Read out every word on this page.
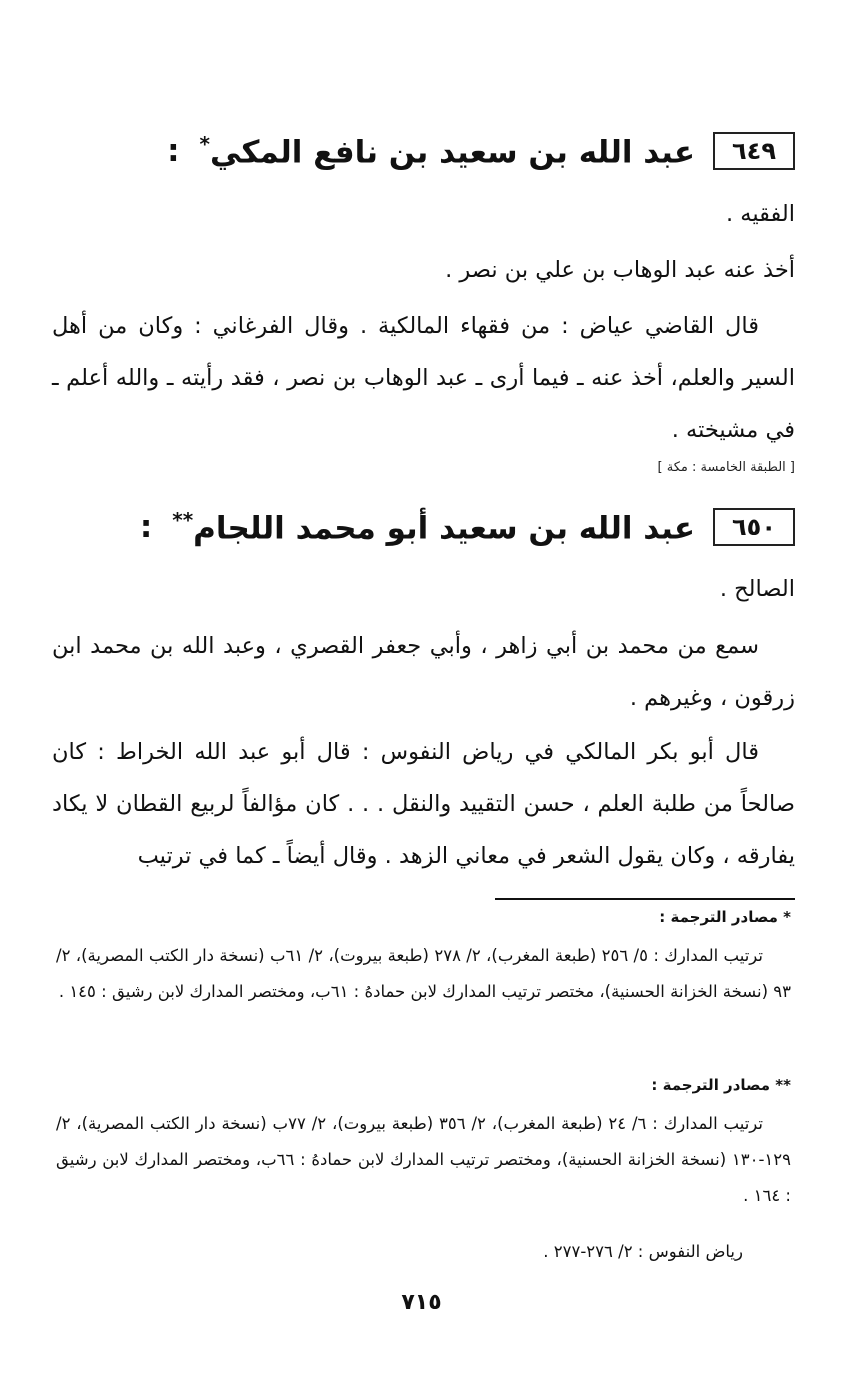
٦٤٩
عبد الله بن سعيد بن نافع المكي*
:
الفقيه .
أخذ عنه عبد الوهاب بن علي بن نصر .
قال القاضي عياض : من فقهاء المالكية . وقال الفرغاني : وكان من أهل السير والعلم، أخذ عنه ـ فيما أرى ـ عبد الوهاب بن نصر ، فقد رأيته ـ والله أعلم ـ في مشيخته .
[ الطبقة الخامسة : مكة ]
٦٥٠
عبد الله بن سعيد أبو محمد اللجام**
:
الصالح .
سمع من محمد بن أبي زاهر ، وأبي جعفر القصري ، وعبد الله بن محمد ابن زرقون ، وغيرهم .
قال أبو بكر المالكي في رياض النفوس : قال أبو عبد الله الخراط : كان صالحاً من طلبة العلم ، حسن التقييد والنقل . . . كان مؤالفاً لربيع القطان لا يكاد يفارقه ، وكان يقول الشعر في معاني الزهد . وقال أيضاً ـ كما في ترتيب
* مصادر الترجمة :
ترتيب المدارك : ٥/ ٢٥٦ (طبعة المغرب)، ٢/ ٢٧٨ (طبعة بيروت)، ٢/ ٦١ب (نسخة دار الكتب المصرية)، ٢/ ٩٣ (نسخة الخزانة الحسنية)، مختصر ترتيب المدارك لابن حمادهُ : ٦١ب، ومختصر المدارك لابن رشيق : ١٤٥ .
** مصادر الترجمة :
ترتيب المدارك : ٦/ ٢٤ (طبعة المغرب)، ٢/ ٣٥٦ (طبعة بيروت)، ٢/ ٧٧ب (نسخة دار الكتب المصرية)، ٢/ ١٢٩-١٣٠ (نسخة الخزانة الحسنية)، ومختصر ترتيب المدارك لابن حمادهُ : ٦٦ب، ومختصر المدارك لابن رشيق : ١٦٤ .
رياض النفوس : ٢/ ٢٧٦-٢٧٧ .
٧١٥
